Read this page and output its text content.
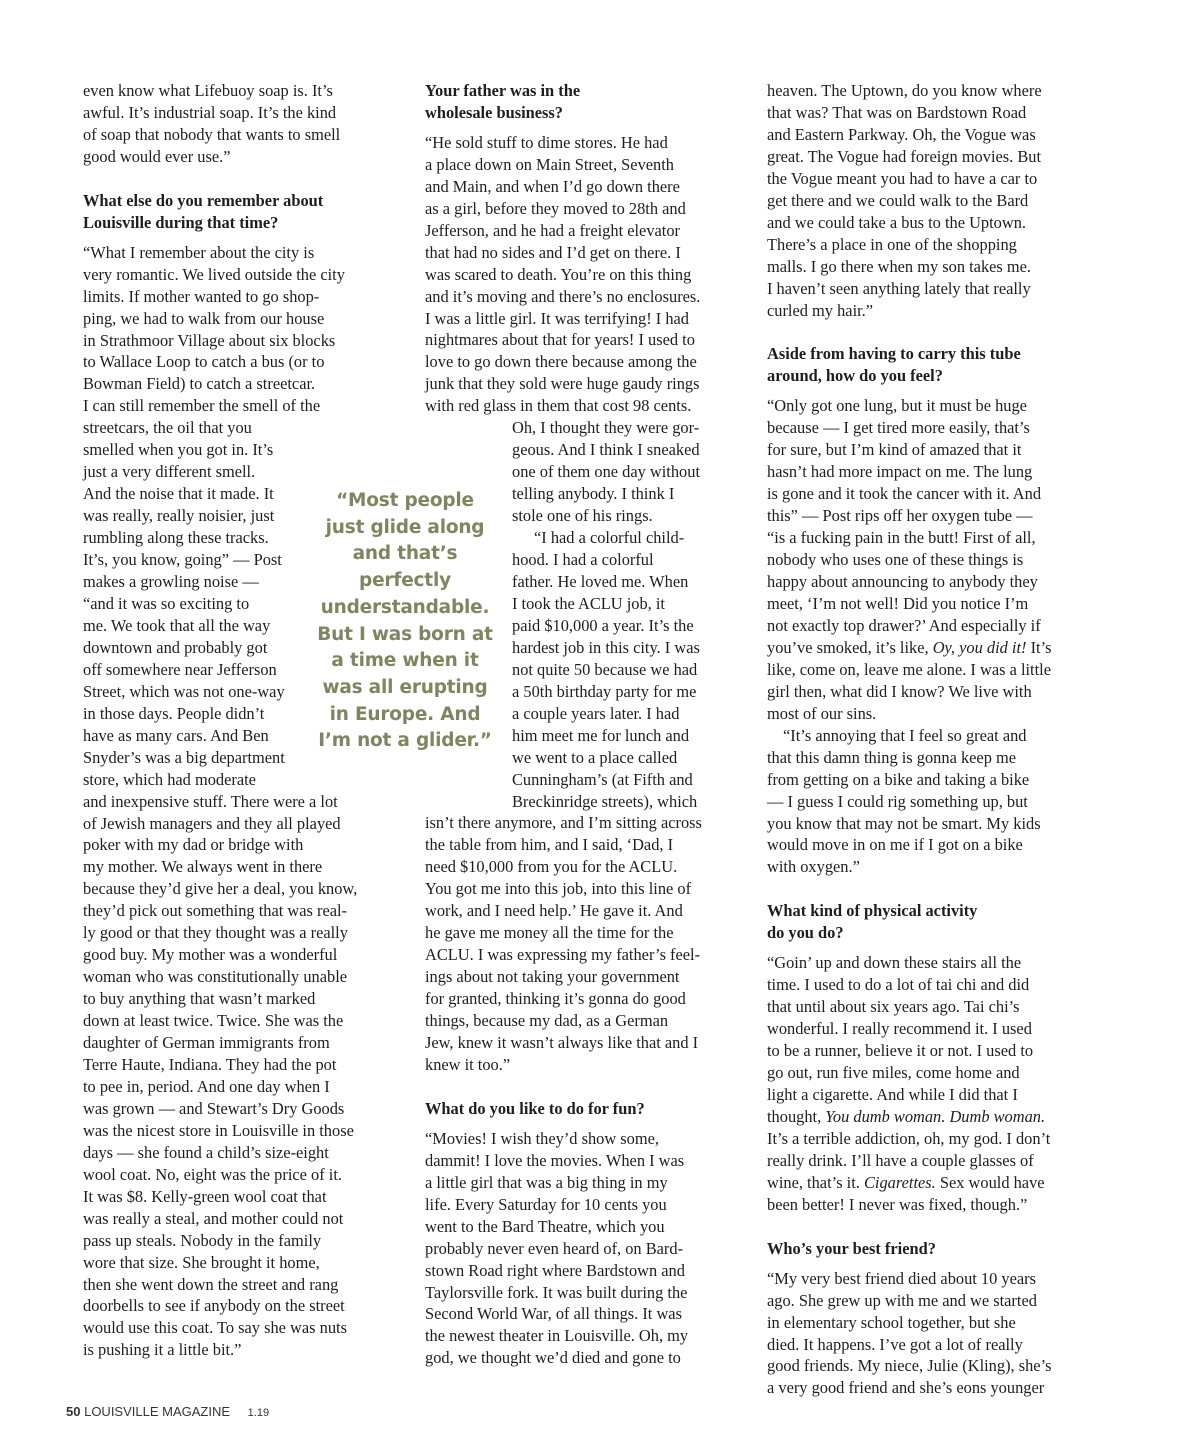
even know what Lifebuoy soap is. It’s
awful. It’s industrial soap. It’s the kind
of soap that nobody that wants to smell
good would ever use.”

What else do you remember about
Louisville during that time?

“What I remember about the city is
very romantic. We lived outside the city
limits. If mother wanted to go shop-
ping, we had to walk from our house
in Strathmoor Village about six blocks
to Wallace Loop to catch a bus (or to
Bowman Field) to catch a streetcar.
I can still remember the smell of the
streetcars, the oil that you
smelled when you got in. It’s
just a very different smell.
And the noise that it made. It
was really, really noisier, just
rumbling along these tracks.
It’s, you know, going” — Post
makes a growling noise —
“and it was so exciting to
me. We took that all the way
downtown and probably got
off somewhere near Jefferson
Street, which was not one-way
in those days. People didn’t
have as many cars. And Ben
Snyder’s was a big department
store, which had moderate
and inexpensive stuff. There were a lot
of Jewish managers and they all played
poker with my dad or bridge with
my mother. We always went in there
because they’d give her a deal, you know,
they’d pick out something that was real-
ly good or that they thought was a really
good buy. My mother was a wonderful
woman who was constitutionally unable
to buy anything that wasn’t marked
down at least twice. Twice. She was the
daughter of German immigrants from
Terre Haute, Indiana. They had the pot
to pee in, period. And one day when I
was grown — and Stewart’s Dry Goods
was the nicest store in Louisville in those
days — she found a child’s size-eight
wool coat. No, eight was the price of it.
It was $8. Kelly-green wool coat that
was really a steal, and mother could not
pass up steals. Nobody in the family
wore that size. She brought it home,
then she went down the street and rang
doorbells to see if anybody on the street
would use this coat. To say she was nuts
is pushing it a little bit.”

“Most people just glide along and that’s perfectly understandable. But I was born at a time when it was all erupting in Europe. And I’m not a glider.”
Your father was in the
wholesale business?

“He sold stuff to dime stores. He had
a place down on Main Street, Seventh
and Main, and when I’d go down there
as a girl, before they moved to 28th and
Jefferson, and he had a freight elevator
that had no sides and I’d get on there. I
was scared to death. You’re on this thing
and it’s moving and there’s no enclosures.
I was a little girl. It was terrifying! I had
nightmares about that for years! I used to
love to go down there because among the
junk that they sold were huge gaudy rings
with red glass in them that cost 98 cents.
Oh, I thought they were gor-
geous. And I think I sneaked
one of them one day without
telling anybody. I think I
stole one of his rings.
“I had a colorful child-
hood. I had a colorful
father. He loved me. When
I took the ACLU job, it
paid $10,000 a year. It’s the
hardest job in this city. I was
not quite 50 because we had
a 50th birthday party for me
a couple years later. I had
him meet me for lunch and
we went to a place called
Cunningham’s (at Fifth and
Breckinridge streets), which
isn’t there anymore, and I’m sitting across
the table from him, and I said, ‘Dad, I
need $10,000 from you for the ACLU.
You got me into this job, into this line of
work, and I need help.’ He gave it. And
he gave me money all the time for the
ACLU. I was expressing my father’s feel-
ings about not taking your government
for granted, thinking it’s gonna do good
things, because my dad, as a German
Jew, knew it wasn’t always like that and I
knew it too.”

What do you like to do for fun?

“Movies! I wish they’d show some,
dammit! I love the movies. When I was
a little girl that was a big thing in my
life. Every Saturday for 10 cents you
went to the Bard Theatre, which you
probably never even heard of, on Bard-
stown Road right where Bardstown and
Taylorsville fork. It was built during the
Second World War, of all things. It was
the newest theater in Louisville. Oh, my
god, we thought we’d died and gone to

heaven. The Uptown, do you know where
that was? That was on Bardstown Road
and Eastern Parkway. Oh, the Vogue was
great. The Vogue had foreign movies. But
the Vogue meant you had to have a car to
get there and we could walk to the Bard
and we could take a bus to the Uptown.
There’s a place in one of the shopping
malls. I go there when my son takes me.
I haven’t seen anything lately that really
curled my hair.”

Aside from having to carry this tube
around, how do you feel?

“Only got one lung, but it must be huge
because — I get tired more easily, that’s
for sure, but I’m kind of amazed that it
hasn’t had more impact on me. The lung
is gone and it took the cancer with it. And
this” — Post rips off her oxygen tube —
“is a fucking pain in the butt! First of all,
nobody who uses one of these things is
happy about announcing to anybody they
meet, ‘I’m not well! Did you notice I’m
not exactly top drawer?’ And especially if
you’ve smoked, it’s like, Oy, you did it! It’s
like, come on, leave me alone. I was a little
girl then, what did I know? We live with
most of our sins.
“It’s annoying that I feel so great and
that this damn thing is gonna keep me
from getting on a bike and taking a bike
— I guess I could rig something up, but
you know that may not be smart. My kids
would move in on me if I got on a bike
with oxygen.”

What kind of physical activity
do you do?

“Goin’ up and down these stairs all the
time. I used to do a lot of tai chi and did
that until about six years ago. Tai chi’s
wonderful. I really recommend it. I used
to be a runner, believe it or not. I used to
go out, run five miles, come home and
light a cigarette. And while I did that I
thought, You dumb woman. Dumb woman.
It’s a terrible addiction, oh, my god. I don’t
really drink. I’ll have a couple glasses of
wine, that’s it. Cigarettes. Sex would have
been better! I never was fixed, though.”

Who’s your best friend?

“My very best friend died about 10 years
ago. She grew up with me and we started
in elementary school together, but she
died. It happens. I’ve got a lot of really
good friends. My niece, Julie (Kling), she’s
a very good friend and she’s eons younger

50 LOUISVILLE MAGAZINE 1.19
